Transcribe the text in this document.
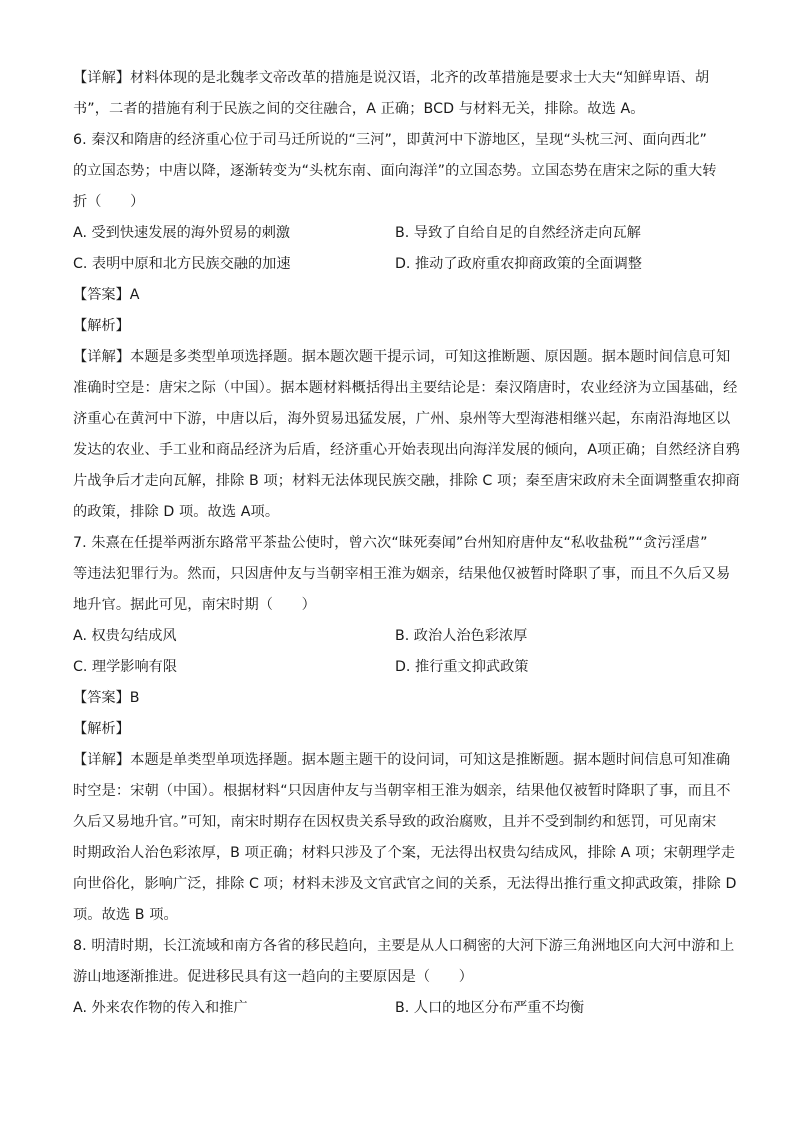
【详解】材料体现的是北魏孝文帝改革的措施是说汉语，北齐的改革措施是要求士大夫“知鲜卑语、胡
书”，二者的措施有利于民族之间的交往融合，A 正确；BCD 与材料无关，排除。故选 A。
6. 秦汉和隋唐的经济重心位于司马迁所说的“三河”，即黄河中下游地区，呈现“头枕三河、面向西北”
的立国态势；中唐以降，逐渐转变为“头枕东南、面向海洋”的立国态势。立国态势在唐宋之际的重大转
折（　　）
A. 受到快速发展的海外贸易的刺激	B. 导致了自给自足的自然经济走向瓦解
C. 表明中原和北方民族交融的加速	D. 推动了政府重农抑商政策的全面调整
【答案】A
【解析】
【详解】本题是多类型单项选择题。据本题次题干提示词，可知这推断题、原因题。据本题时间信息可知
准确时空是：唐宋之际（中国）。据本题材料概括得出主要结论是：秦汉隋唐时，农业经济为立国基础，经
济重心在黄河中下游，中唐以后，海外贸易迅猛发展，广州、泉州等大型海港相继兴起，东南沿海地区以
发达的农业、手工业和商品经济为后盾，经济重心开始表现出向海洋发展的倾向，A项正确；自然经济自鸦
片战争后才走向瓦解，排除 B 项；材料无法体现民族交融，排除 C 项；秦至唐宋政府未全面调整重农抑商
的政策，排除 D 项。故选 A项。
7. 朱熹在任提举两浙东路常平茶盐公使时，曾六次“昧死奏闻”台州知府唐仲友“私收盐税”“贪污淫虐”
等违法犯罪行为。然而，只因唐仲友与当朝宰相王淮为姻亲，结果他仅被暂时降职了事，而且不久后又易
地升官。据此可见，南宋时期（　　）
A. 权贵勾结成风	B. 政治人治色彩浓厚
C. 理学影响有限	D. 推行重文抑武政策
【答案】B
【解析】
【详解】本题是单类型单项选择题。据本题主题干的设问词，可知这是推断题。据本题时间信息可知准确
时空是：宋朝（中国）。根据材料“只因唐仲友与当朝宰相王淮为姻亲，结果他仅被暂时降职了事，而且不
久后又易地升官。”可知，南宋时期存在因权贵关系导致的政治腐败，且并不受到制约和惩罚，可见南宋
时期政治人治色彩浓厚，B 项正确；材料只涉及了个案，无法得出权贵勾结成风，排除 A 项；宋朝理学走
向世俗化，影响广泛，排除 C 项；材料未涉及文官武官之间的关系，无法得出推行重文抑武政策，排除 D
项。故选 B 项。
8. 明清时期，长江流域和南方各省的移民趋向，主要是从人口稠密的大河下游三角洲地区向大河中游和上
游山地逐渐推进。促进移民具有这一趋向的主要原因是（　　）
A. 外来农作物的传入和推广	B. 人口的地区分布严重不均衡
